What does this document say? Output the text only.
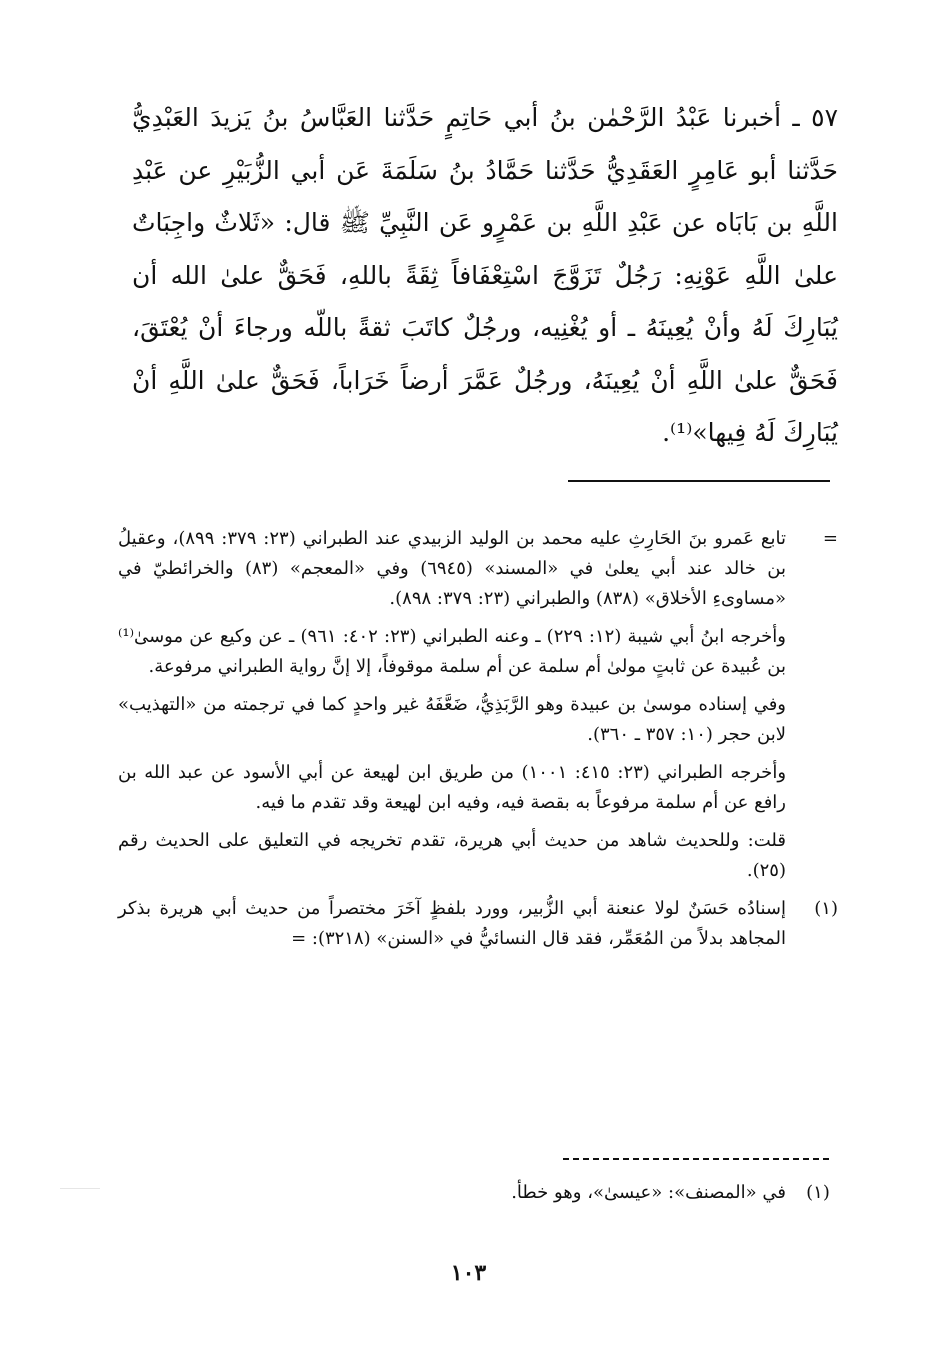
٥٧ ـ أخبرنا عَبْدُ الرَّحْمٰن بنُ أبي حَاتِمٍ حَدَّثنا العَبَّاسُ بنُ يَزيدَ العَبْدِيُّ حَدَّثنا أبو عَامِرٍ العَقَدِيُّ حَدَّثنا حَمَّادُ بنُ سَلَمَةَ عَن أبي الزُّبَيْرِ عن عَبْدِ اللَّهِ بن بَابَاه عن عَبْدِ اللَّهِ بن عَمْرٍو عَن النَّبِيِّ ﷺ قال: «ثَلاثٌ واجِبَاتٌ علىٰ اللَّهِ عَوْنِهِ: رَجُلٌ تَزَوَّجَ اسْتِعْفَافاً ثِقَةً باللهِ، فَحَقٌّ علىٰ الله أن يُبَارِكَ لَهُ وأنْ يُعِينَهُ ـ أو يُغْنِيه، ورجُلٌ كاتَبَ ثقةً باللّه ورجاءَ أنْ يُعْتَقَ، فَحَقٌّ علىٰ اللَّهِ أنْ يُعِينَهُ، ورجُلٌ عَمَّرَ أرضاً خَرَاباً، فَحَقٌّ علىٰ اللَّهِ أنْ يُبَارِكَ لَهُ فِيها»⁽¹⁾.
=

تابع عَمرو بنَ الحَارِثِ عليه محمد بن الوليد الزبيدي عند الطبراني (٢٣: ٣٧٩: ٨٩٩)، وعقيلُ بن خالد عند أبي يعلىٰ في «المسند» (٦٩٤٥) وفي «المعجم» (٨٣) والخرائطيّ في «مساوىءِ الأخلاق» (٨٣٨) والطبراني (٢٣: ٣٧٩: ٨٩٨).

وأخرجه ابنُ أبي شيبة (١٢: ٢٢٩) ـ وعنه الطبراني (٢٣: ٤٠٢: ٩٦١) ـ عن وكيع عن موسىٰ⁽¹⁾ بن عُبيدة عن ثابتٍ مولىٰ أم سلمة عن أم سلمة موقوفاً، إلا إنَّ رواية الطبراني مرفوعة.

وفي إسناده موسىٰ بن عبيدة وهو الرَّبَذِيُّ، ضَعَّفَهُ غير واحدٍ كما في ترجمته من «التهذيب» لابن حجر (١٠: ٣٥٧ ـ ٣٦٠).

وأخرجه الطبراني (٢٣: ٤١٥: ١٠٠١) من طريق ابن لهيعة عن أبي الأسود عن عبد الله بن رافع عن أم سلمة مرفوعاً به بقصة فيه، وفيه ابن لهيعة وقد تقدم ما فيه.

قلت: وللحديث شاهد من حديث أبي هريرة، تقدم تخريجه في التعليق على الحديث رقم (٢٥).

(١)

إسنادُه حَسَنٌ لولا عنعنة أبي الزُّبير، وورد بلفظٍ آخَرَ مختصراً من حديث أبي هريرة بذكر المجاهد بدلاً من المُعَمِّر، فقد قال النسائيُّ في «السنن» (٣٢١٨): =

(١)في «المصنف»: «عيسىٰ»، وهو خطأ.
١٠٣
